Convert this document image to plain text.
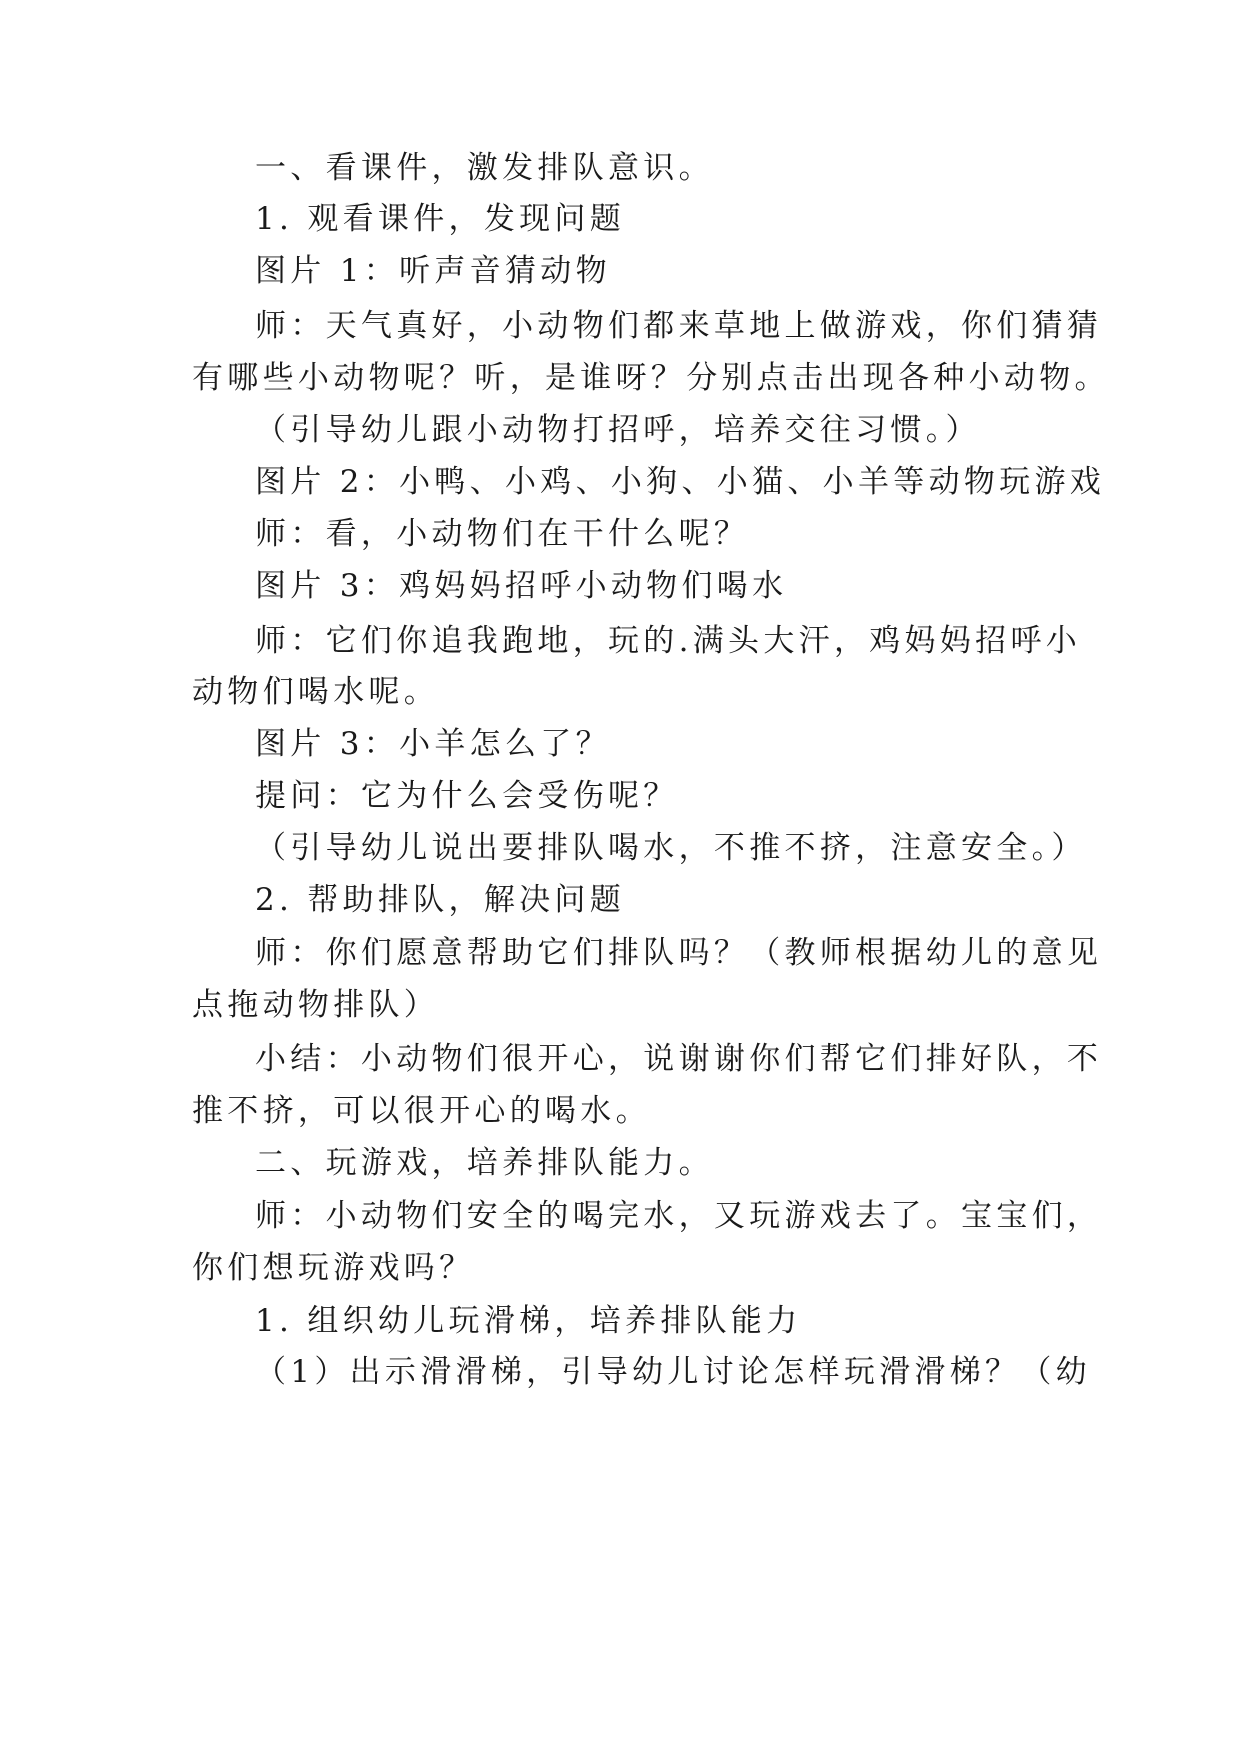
一、看课件，激发排队意识。

1. 观看课件，发现问题

图片 1：听声音猜动物

师：天气真好，小动物们都来草地上做游戏，你们猜猜

有哪些小动物呢？听，是谁呀？分别点击出现各种小动物。

（引导幼儿跟小动物打招呼，培养交往习惯。）

图片 2：小鸭、小鸡、小狗、小猫、小羊等动物玩游戏

师：看，小动物们在干什么呢？

图片 3：鸡妈妈招呼小动物们喝水

师：它们你追我跑地，玩的.满头大汗，鸡妈妈招呼小

动物们喝水呢。

图片 3：小羊怎么了？

提问：它为什么会受伤呢？

（引导幼儿说出要排队喝水，不推不挤，注意安全。）

2. 帮助排队，解决问题

师：你们愿意帮助它们排队吗？（教师根据幼儿的意见

点拖动物排队）

小结：小动物们很开心，说谢谢你们帮它们排好队，不

推不挤，可以很开心的喝水。

二、玩游戏，培养排队能力。

师：小动物们安全的喝完水，又玩游戏去了。宝宝们，

你们想玩游戏吗？

1. 组织幼儿玩滑梯，培养排队能力

（1）出示滑滑梯，引导幼儿讨论怎样玩滑滑梯？（幼
